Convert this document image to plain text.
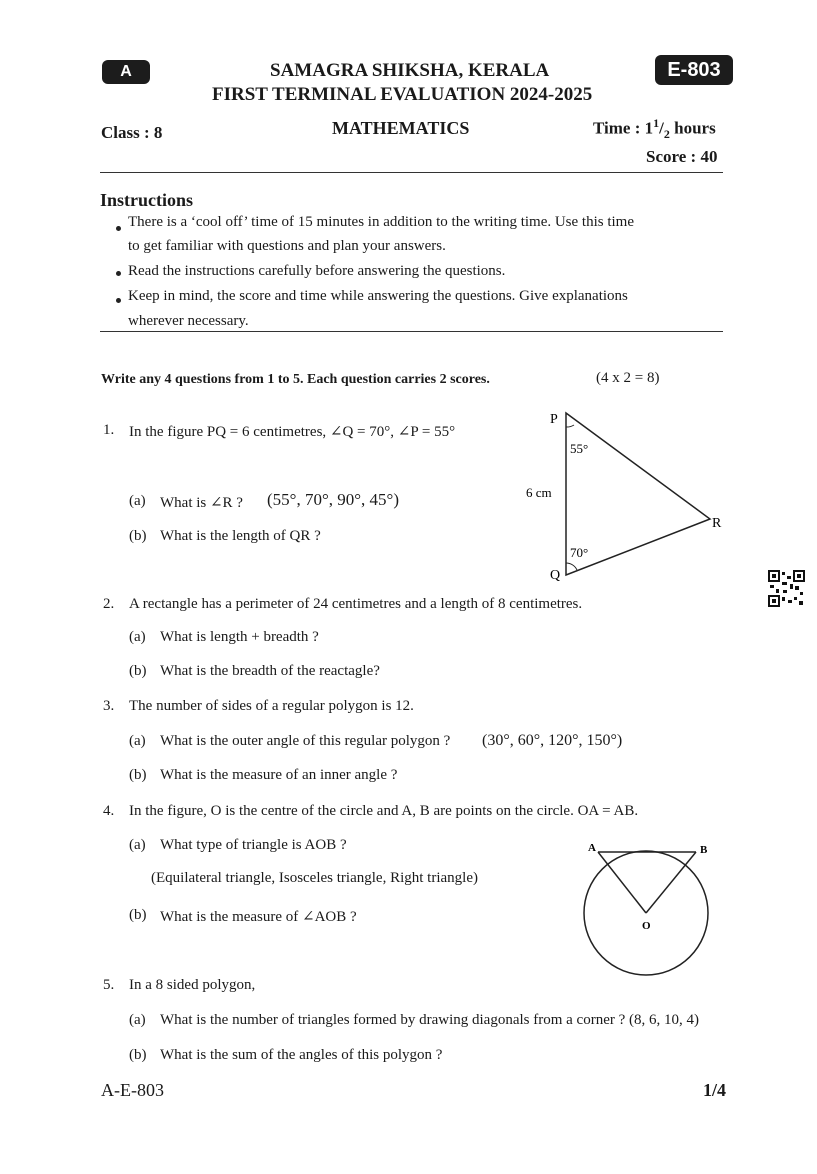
A	E-803
SAMAGRA SHIKSHA, KERALA
FIRST TERMINAL EVALUATION 2024-2025
Class : 8	MATHEMATICS	Time : $1^1/_2$ hours
Score : 40
Instructions
There is a ‘cool off’ time of 15 minutes in addition to the writing time. Use this time
to get familiar with questions and plan your answers.
Read the instructions carefully before answering the questions.
Keep in mind, the score and time while answering the questions. Give explanations
wherever necessary.
Write any 4 questions from 1 to 5. Each question carries 2 scores.	(4 x 2 = 8)
1. In the figure PQ = 6 centimetres, ∠Q = 70°, ∠P = 55°
(a) What is ∠R ? (55°, 70°, 90°, 45°)
(b) What is the length of QR ?
P
Q
R
55°
70°
6 cm
2. A rectangle has a perimeter of 24 centimetres and a length of 8 centimetres.
(a) What is length + breadth ?
(b) What is the breadth of the reactagle?
3. The number of sides of a regular polygon is 12.
(a) What is the outer angle of this regular polygon ? (30°, 60°, 120°, 150°)
(b) What is the measure of an inner angle ?
4. In the figure, O is the centre of the circle and A, B are points on the circle. OA = AB.
(a) What type of triangle is AOB ?
(Equilateral triangle, Isosceles triangle, Right triangle)
(b) What is the measure of ∠AOB ?
A	B
O
5. In a 8 sided polygon,
(a) What is the number of triangles formed by drawing diagonals from a corner ? (8, 6, 10, 4)
(b) What is the sum of the angles of this polygon ?
A-E-803	1/4
